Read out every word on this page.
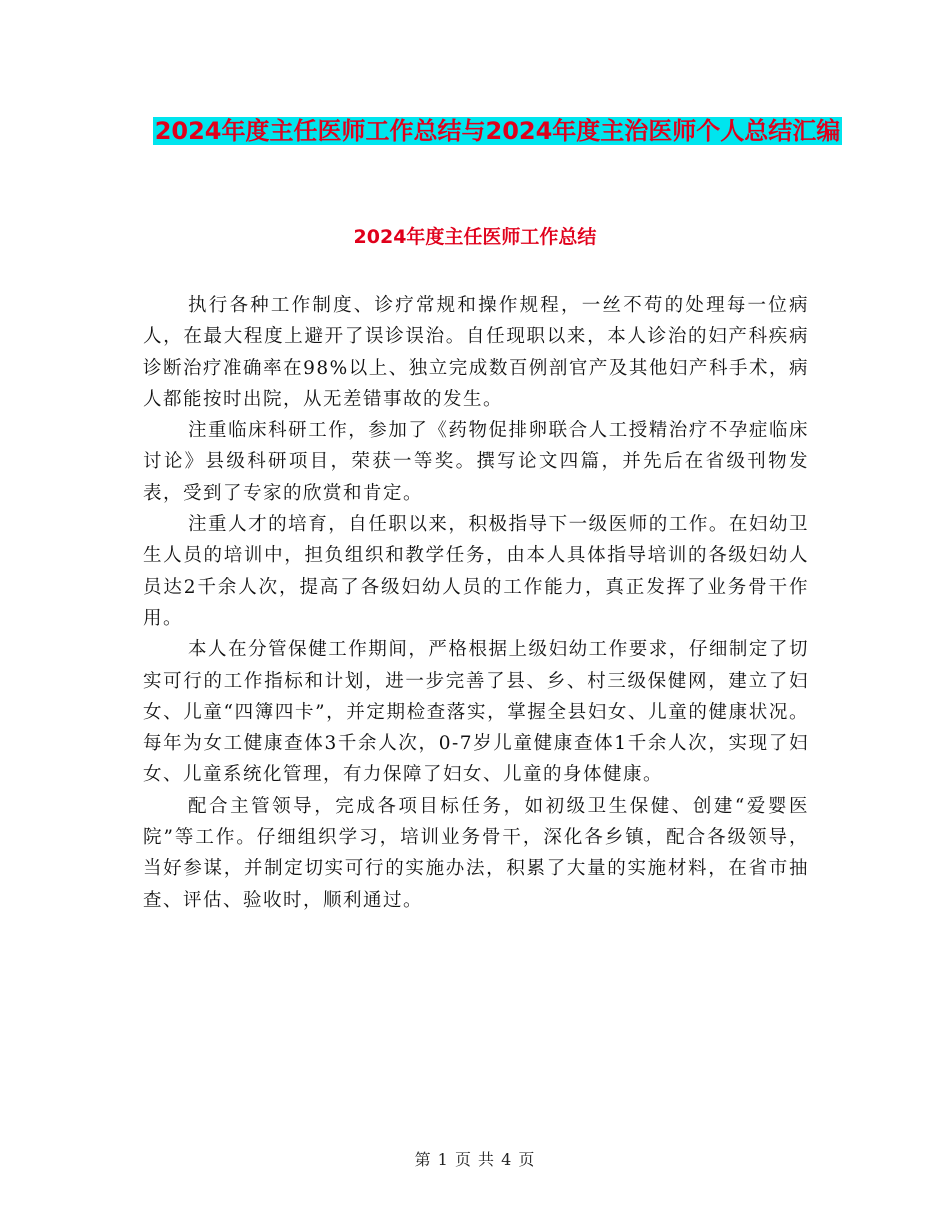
2024年度主任医师工作总结与2024年度主治医师个人总结汇编
2024年度主任医师工作总结

执行各种工作制度、诊疗常规和操作规程，一丝不苟的处理每一位病人，在最大程度上避开了误诊误治。自任现职以来，本人诊治的妇产科疾病诊断治疗准确率在98%以上、独立完成数百例剖官产及其他妇产科手术，病人都能按时出院，从无差错事故的发生。

注重临床科研工作，参加了《药物促排卵联合人工授精治疗不孕症临床讨论》县级科研项目，荣获一等奖。撰写论文四篇，并先后在省级刊物发表，受到了专家的欣赏和肯定。

注重人才的培育，自任职以来，积极指导下一级医师的工作。在妇幼卫生人员的培训中，担负组织和教学任务，由本人具体指导培训的各级妇幼人员达2千余人次，提高了各级妇幼人员的工作能力，真正发挥了业务骨干作用。

本人在分管保健工作期间，严格根据上级妇幼工作要求，仔细制定了切实可行的工作指标和计划，进一步完善了县、乡、村三级保健网，建立了妇女、儿童“四簿四卡”，并定期检查落实，掌握全县妇女、儿童的健康状况。每年为女工健康查体3千余人次，0-7岁儿童健康查体1千余人次，实现了妇女、儿童系统化管理，有力保障了妇女、儿童的身体健康。

配合主管领导，完成各项目标任务，如初级卫生保健、创建“爱婴医院”等工作。仔细组织学习，培训业务骨干，深化各乡镇，配合各级领导，当好参谋，并制定切实可行的实施办法，积累了大量的实施材料，在省市抽查、评估、验收时，顺利通过。

第 1 页 共 4 页
